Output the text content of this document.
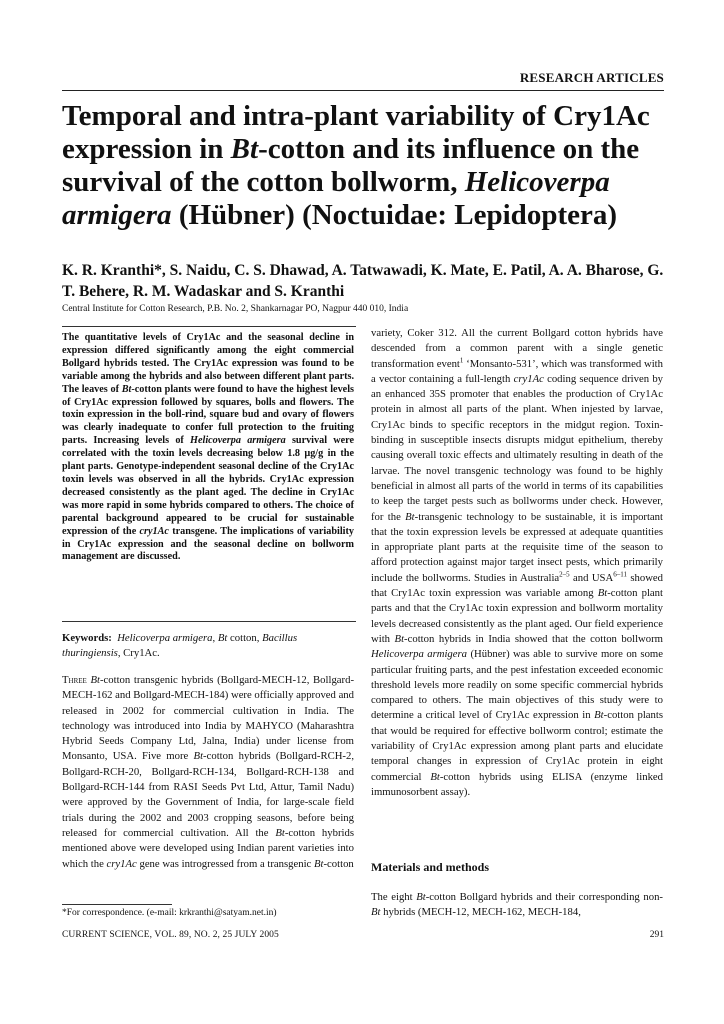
RESEARCH ARTICLES
Temporal and intra-plant variability of Cry1Ac expression in Bt-cotton and its influence on the survival of the cotton bollworm, Helicoverpa armigera (Hübner) (Noctuidae: Lepidoptera)

K. R. Kranthi*, S. Naidu, C. S. Dhawad, A. Tatwawadi, K. Mate, E. Patil, A. A. Bharose, G. T. Behere, R. M. Wadaskar and S. Kranthi

Central Institute for Cotton Research, P.B. No. 2, Shankarnagar PO, Nagpur 440 010, India

The quantitative levels of Cry1Ac and the seasonal decline in expression differed significantly among the eight commercial Bollgard hybrids tested. The Cry1Ac expression was found to be variable among the hybrids and also between different plant parts. The leaves of Bt-cotton plants were found to have the highest levels of Cry1Ac expression followed by squares, bolls and flowers. The toxin expression in the boll-rind, square bud and ovary of flowers was clearly inadequate to confer full protection to the fruiting parts. Increasing levels of Helicoverpa armigera survival were correlated with the toxin levels decreasing below 1.8 µg/g in the plant parts. Genotype-independent seasonal decline of the Cry1Ac toxin levels was observed in all the hybrids. Cry1Ac expression decreased consistently as the plant aged. The decline in Cry1Ac was more rapid in some hybrids compared to others. The choice of parental background appeared to be crucial for sustainable expression of the cry1Ac transgene. The implications of variability in Cry1Ac expression and the seasonal decline on bollworm management are discussed.

Keywords: Helicoverpa armigera, Bt cotton, Bacillus thuringiensis, Cry1Ac.

Three Bt-cotton transgenic hybrids (Bollgard-MECH-12, Bollgard-MECH-162 and Bollgard-MECH-184) were officially approved and released in 2002 for commercial cultivation in India. The technology was introduced into India by MAHYCO (Maharashtra Hybrid Seeds Company Ltd, Jalna, India) under license from Monsanto, USA. Five more Bt-cotton hybrids (Bollgard-RCH-2, Bollgard-RCH-20, Bollgard-RCH-134, Bollgard-RCH-138 and Bollgard-RCH-144 from RASI Seeds Pvt Ltd, Attur, Tamil Nadu) were approved by the Government of India, for large-scale field trials during the 2002 and 2003 cropping seasons, before being released for commercial cultivation. All the Bt-cotton hybrids mentioned above were developed using Indian parent varieties into which the cry1Ac gene was introgressed from a transgenic Bt-cotton

*For correspondence. (e-mail: krkranthi@satyam.net.in)

variety, Coker 312. All the current Bollgard cotton hybrids have descended from a common parent with a single genetic transformation event$^1$ ‘Monsanto-531’, which was transformed with a vector containing a full-length cry1Ac coding sequence driven by an enhanced 35S promoter that enables the production of Cry1Ac protein in almost all parts of the plant. When injested by larvae, Cry1Ac binds to specific receptors in the midgut region. Toxin-binding in susceptible insects disrupts midgut epithelium, thereby causing overall toxic effects and ultimately resulting in death of the larvae. The novel transgenic technology was found to be highly beneficial in almost all parts of the world in terms of its capabilities to keep the target pests such as bollworms under check. However, for the Bt-transgenic technology to be sustainable, it is important that the toxin expression levels be expressed at adequate quantities in appropriate plant parts at the requisite time of the season to afford protection against major target insect pests, which primarily include the bollworms. Studies in Australia$^{2-5}$ and USA$^{6-11}$ showed that Cry1Ac toxin expression was variable among Bt-cotton plant parts and that the Cry1Ac toxin expression and bollworm mortality levels decreased consistently as the plant aged. Our field experience with Bt-cotton hybrids in India showed that the cotton bollworm Helicoverpa armigera (Hübner) was able to survive more on some particular fruiting parts, and the pest infestation exceeded economic threshold levels more readily on some specific commercial hybrids compared to others. The main objectives of this study were to determine a critical level of Cry1Ac expression in Bt-cotton plants that would be required for effective bollworm control; estimate the variability of Cry1Ac expression among plant parts and elucidate temporal changes in expression of Cry1Ac protein in eight commercial Bt-cotton hybrids using ELISA (enzyme linked immunosorbent assay).

Materials and methods

The eight Bt-cotton Bollgard hybrids and their corresponding non-Bt hybrids (MECH-12, MECH-162, MECH-184,

CURRENT SCIENCE, VOL. 89, NO. 2, 25 JULY 2005	291
